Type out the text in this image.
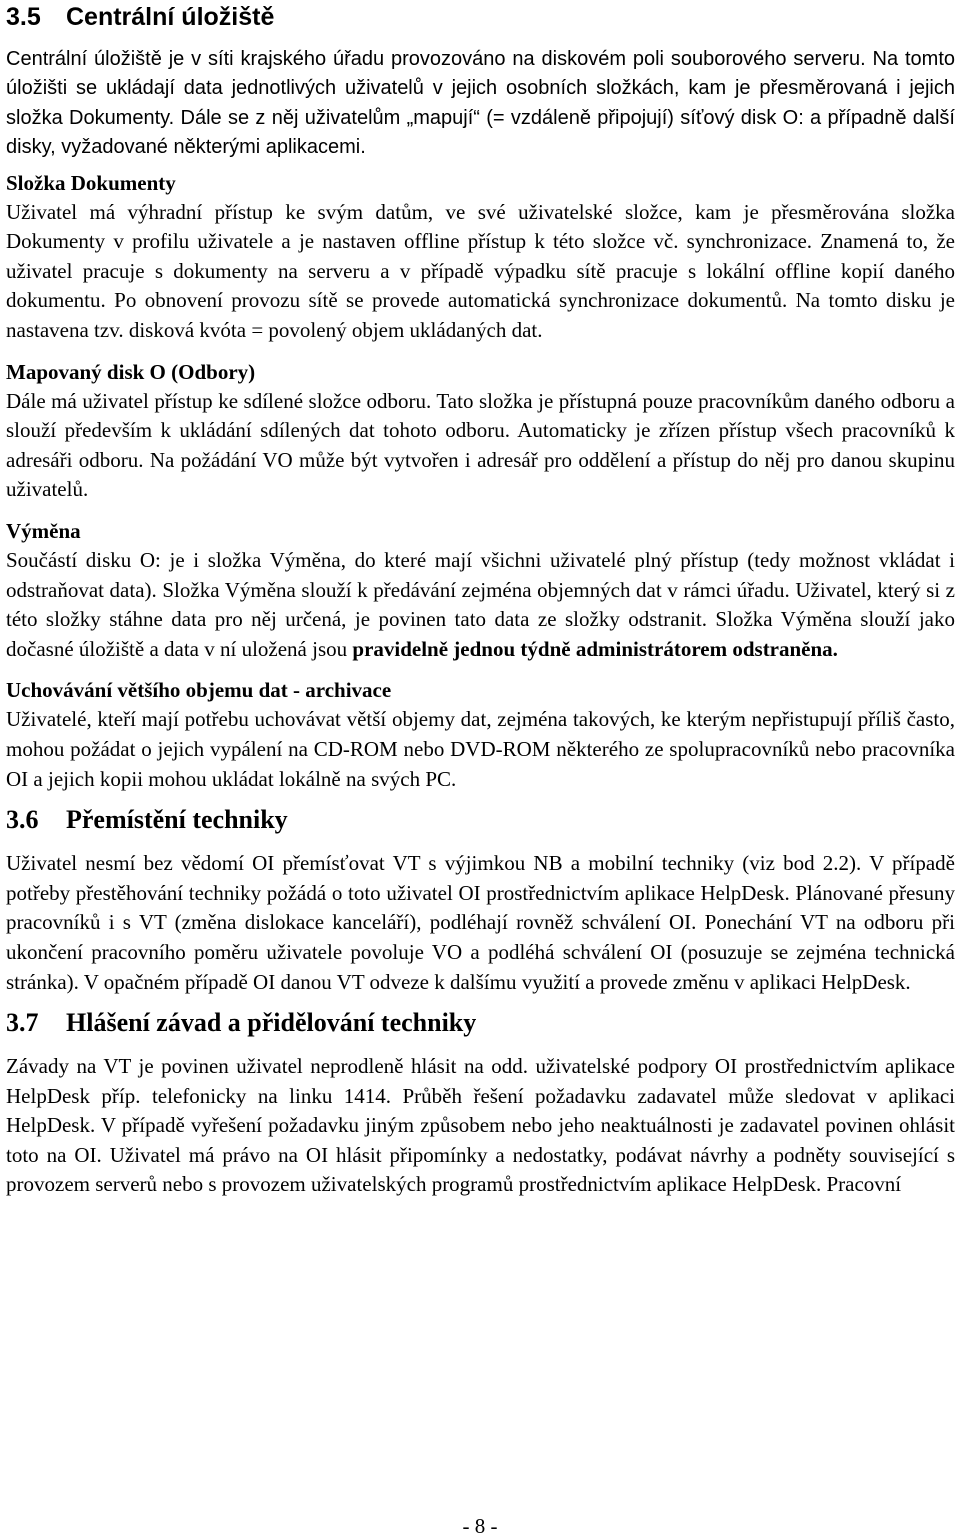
3.5 Centrální úložiště

Centrální úložiště je v síti krajského úřadu provozováno na diskovém poli souborového serveru. Na tomto úložišti se ukládají data jednotlivých uživatelů v jejich osobních složkách, kam je přesměrovaná i jejich složka Dokumenty. Dále se z něj uživatelům „mapují“ (= vzdáleně připojují) síťový disk O: a případně další disky, vyžadované některými aplikacemi.

Složka Dokumenty

Uživatel má výhradní přístup ke svým datům, ve své uživatelské složce, kam je přesměrována složka Dokumenty v profilu uživatele a je nastaven offline přístup k této složce vč. synchronizace. Znamená to, že uživatel pracuje s dokumenty na serveru a v případě výpadku sítě pracuje s lokální offline kopií daného dokumentu. Po obnovení provozu sítě se provede automatická synchronizace dokumentů. Na tomto disku je nastavena tzv. disková kvóta = povolený objem ukládaných dat.

Mapovaný disk O (Odbory)

Dále má uživatel přístup ke sdílené složce odboru. Tato složka je přístupná pouze pracovníkům daného odboru a slouží především k ukládání sdílených dat tohoto odboru. Automaticky je zřízen přístup všech pracovníků k adresáři odboru. Na požádání VO může být vytvořen i adresář pro oddělení a přístup do něj pro danou skupinu uživatelů.

Výměna

Součástí disku O: je i složka Výměna, do které mají všichni uživatelé plný přístup (tedy možnost vkládat i odstraňovat data). Složka Výměna slouží k předávání zejména objemných dat v rámci úřadu. Uživatel, který si z této složky stáhne data pro něj určená, je povinen tato data ze složky odstranit. Složka Výměna slouží jako dočasné úložiště a data v ní uložená jsou pravidelně jednou týdně administrátorem odstraněna.

Uchovávání většího objemu dat - archivace

Uživatelé, kteří mají potřebu uchovávat větší objemy dat, zejména takových, ke kterým nepřistupují příliš často, mohou požádat o jejich vypálení na CD-ROM nebo DVD-ROM některého ze spolupracovníků nebo pracovníka OI a jejich kopii mohou ukládat lokálně na svých PC.

3.6 Přemístění techniky

Uživatel nesmí bez vědomí OI přemísťovat VT s výjimkou NB a mobilní techniky (viz bod 2.2). V případě potřeby přestěhování techniky požádá o toto uživatel OI prostřednictvím aplikace HelpDesk. Plánované přesuny pracovníků i s VT (změna dislokace kanceláří), podléhají rovněž schválení OI. Ponechání VT na odboru při ukončení pracovního poměru uživatele povoluje VO a podléhá schválení OI (posuzuje se zejména technická stránka). V opačném případě OI danou VT odveze k dalšímu využití a provede změnu v aplikaci HelpDesk.

3.7 Hlášení závad a přidělování techniky

Závady na VT je povinen uživatel neprodleně hlásit na odd. uživatelské podpory OI prostřednictvím aplikace HelpDesk příp. telefonicky na linku 1414. Průběh řešení požadavku zadavatel může sledovat v aplikaci HelpDesk. V případě vyřešení požadavku jiným způsobem nebo jeho neaktuálnosti je zadavatel povinen ohlásit toto na OI. Uživatel má právo na OI hlásit připomínky a nedostatky, podávat návrhy a podněty související s provozem serverů nebo s provozem uživatelských programů prostřednictvím aplikace HelpDesk. Pracovní

- 8 -
